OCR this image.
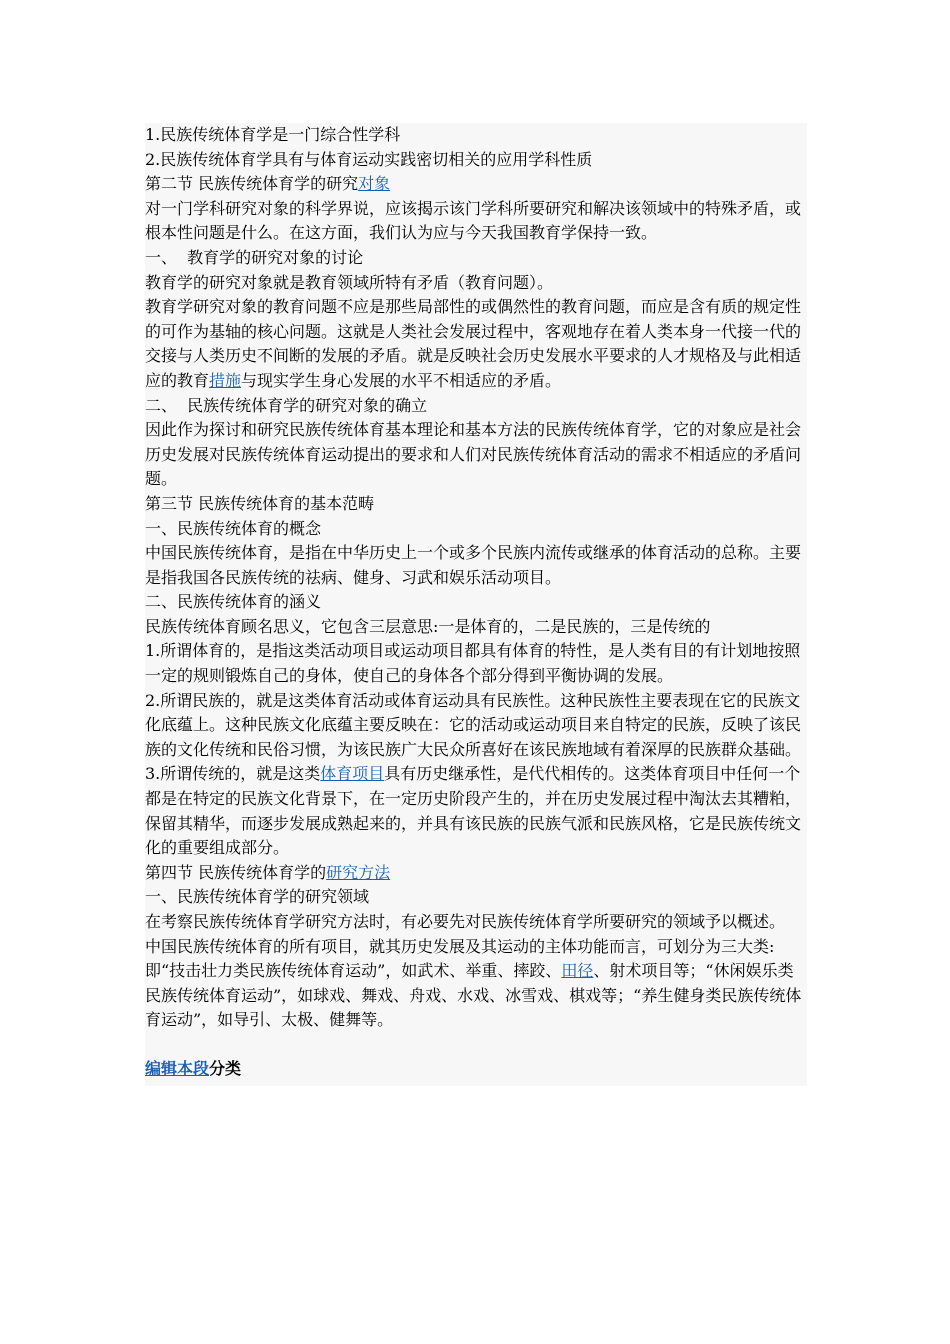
1.民族传统体育学是一门综合性学科
2.民族传统体育学具有与体育运动实践密切相关的应用学科性质
第二节 民族传统体育学的研究对象
对一门学科研究对象的科学界说，应该揭示该门学科所要研究和解决该领域中的特殊矛盾，或根本性问题是什么。在这方面，我们认为应与今天我国教育学保持一致。
一、  教育学的研究对象的讨论
教育学的研究对象就是教育领域所特有矛盾（教育问题）。
教育学研究对象的教育问题不应是那些局部性的或偶然性的教育问题，而应是含有质的规定性的可作为基轴的核心问题。这就是人类社会发展过程中，客观地存在着人类本身一代接一代的交接与人类历史不间断的发展的矛盾。就是反映社会历史发展水平要求的人才规格及与此相适应的教育措施与现实学生身心发展的水平不相适应的矛盾。
二、  民族传统体育学的研究对象的确立
因此作为探讨和研究民族传统体育基本理论和基本方法的民族传统体育学，它的对象应是社会历史发展对民族传统体育运动提出的要求和人们对民族传统体育活动的需求不相适应的矛盾问题。
第三节 民族传统体育的基本范畴
一、民族传统体育的概念
中国民族传统体育，是指在中华历史上一个或多个民族内流传或继承的体育活动的总称。主要是指我国各民族传统的祛病、健身、习武和娱乐活动项目。
二、民族传统体育的涵义
民族传统体育顾名思义，它包含三层意思:一是体育的，二是民族的，三是传统的
1.所谓体育的，是指这类活动项目或运动项目都具有体育的特性，是人类有目的有计划地按照一定的规则锻炼自己的身体，使自己的身体各个部分得到平衡协调的发展。
2.所谓民族的，就是这类体育活动或体育运动具有民族性。这种民族性主要表现在它的民族文化底蕴上。这种民族文化底蕴主要反映在：它的活动或运动项目来自特定的民族，反映了该民族的文化传统和民俗习惯，为该民族广大民众所喜好在该民族地域有着深厚的民族群众基础。
3.所谓传统的，就是这类体育项目具有历史继承性，是代代相传的。这类体育项目中任何一个都是在特定的民族文化背景下，在一定历史阶段产生的，并在历史发展过程中淘汰去其糟粕，保留其精华，而逐步发展成熟起来的，并具有该民族的民族气派和民族风格，它是民族传统文化的重要组成部分。
第四节 民族传统体育学的研究方法
一、民族传统体育学的研究领域
在考察民族传统体育学研究方法时，有必要先对民族传统体育学所要研究的领域予以概述。
中国民族传统体育的所有项目，就其历史发展及其运动的主体功能而言，可划分为三大类:即“技击壮力类民族传统体育运动”，如武术、举重、摔跤、田径、射术项目等；“休闲娱乐类民族传统体育运动”，如球戏、舞戏、舟戏、水戏、冰雪戏、棋戏等；“养生健身类民族传统体育运动”，如导引、太极、健舞等。
编辑本段分类
